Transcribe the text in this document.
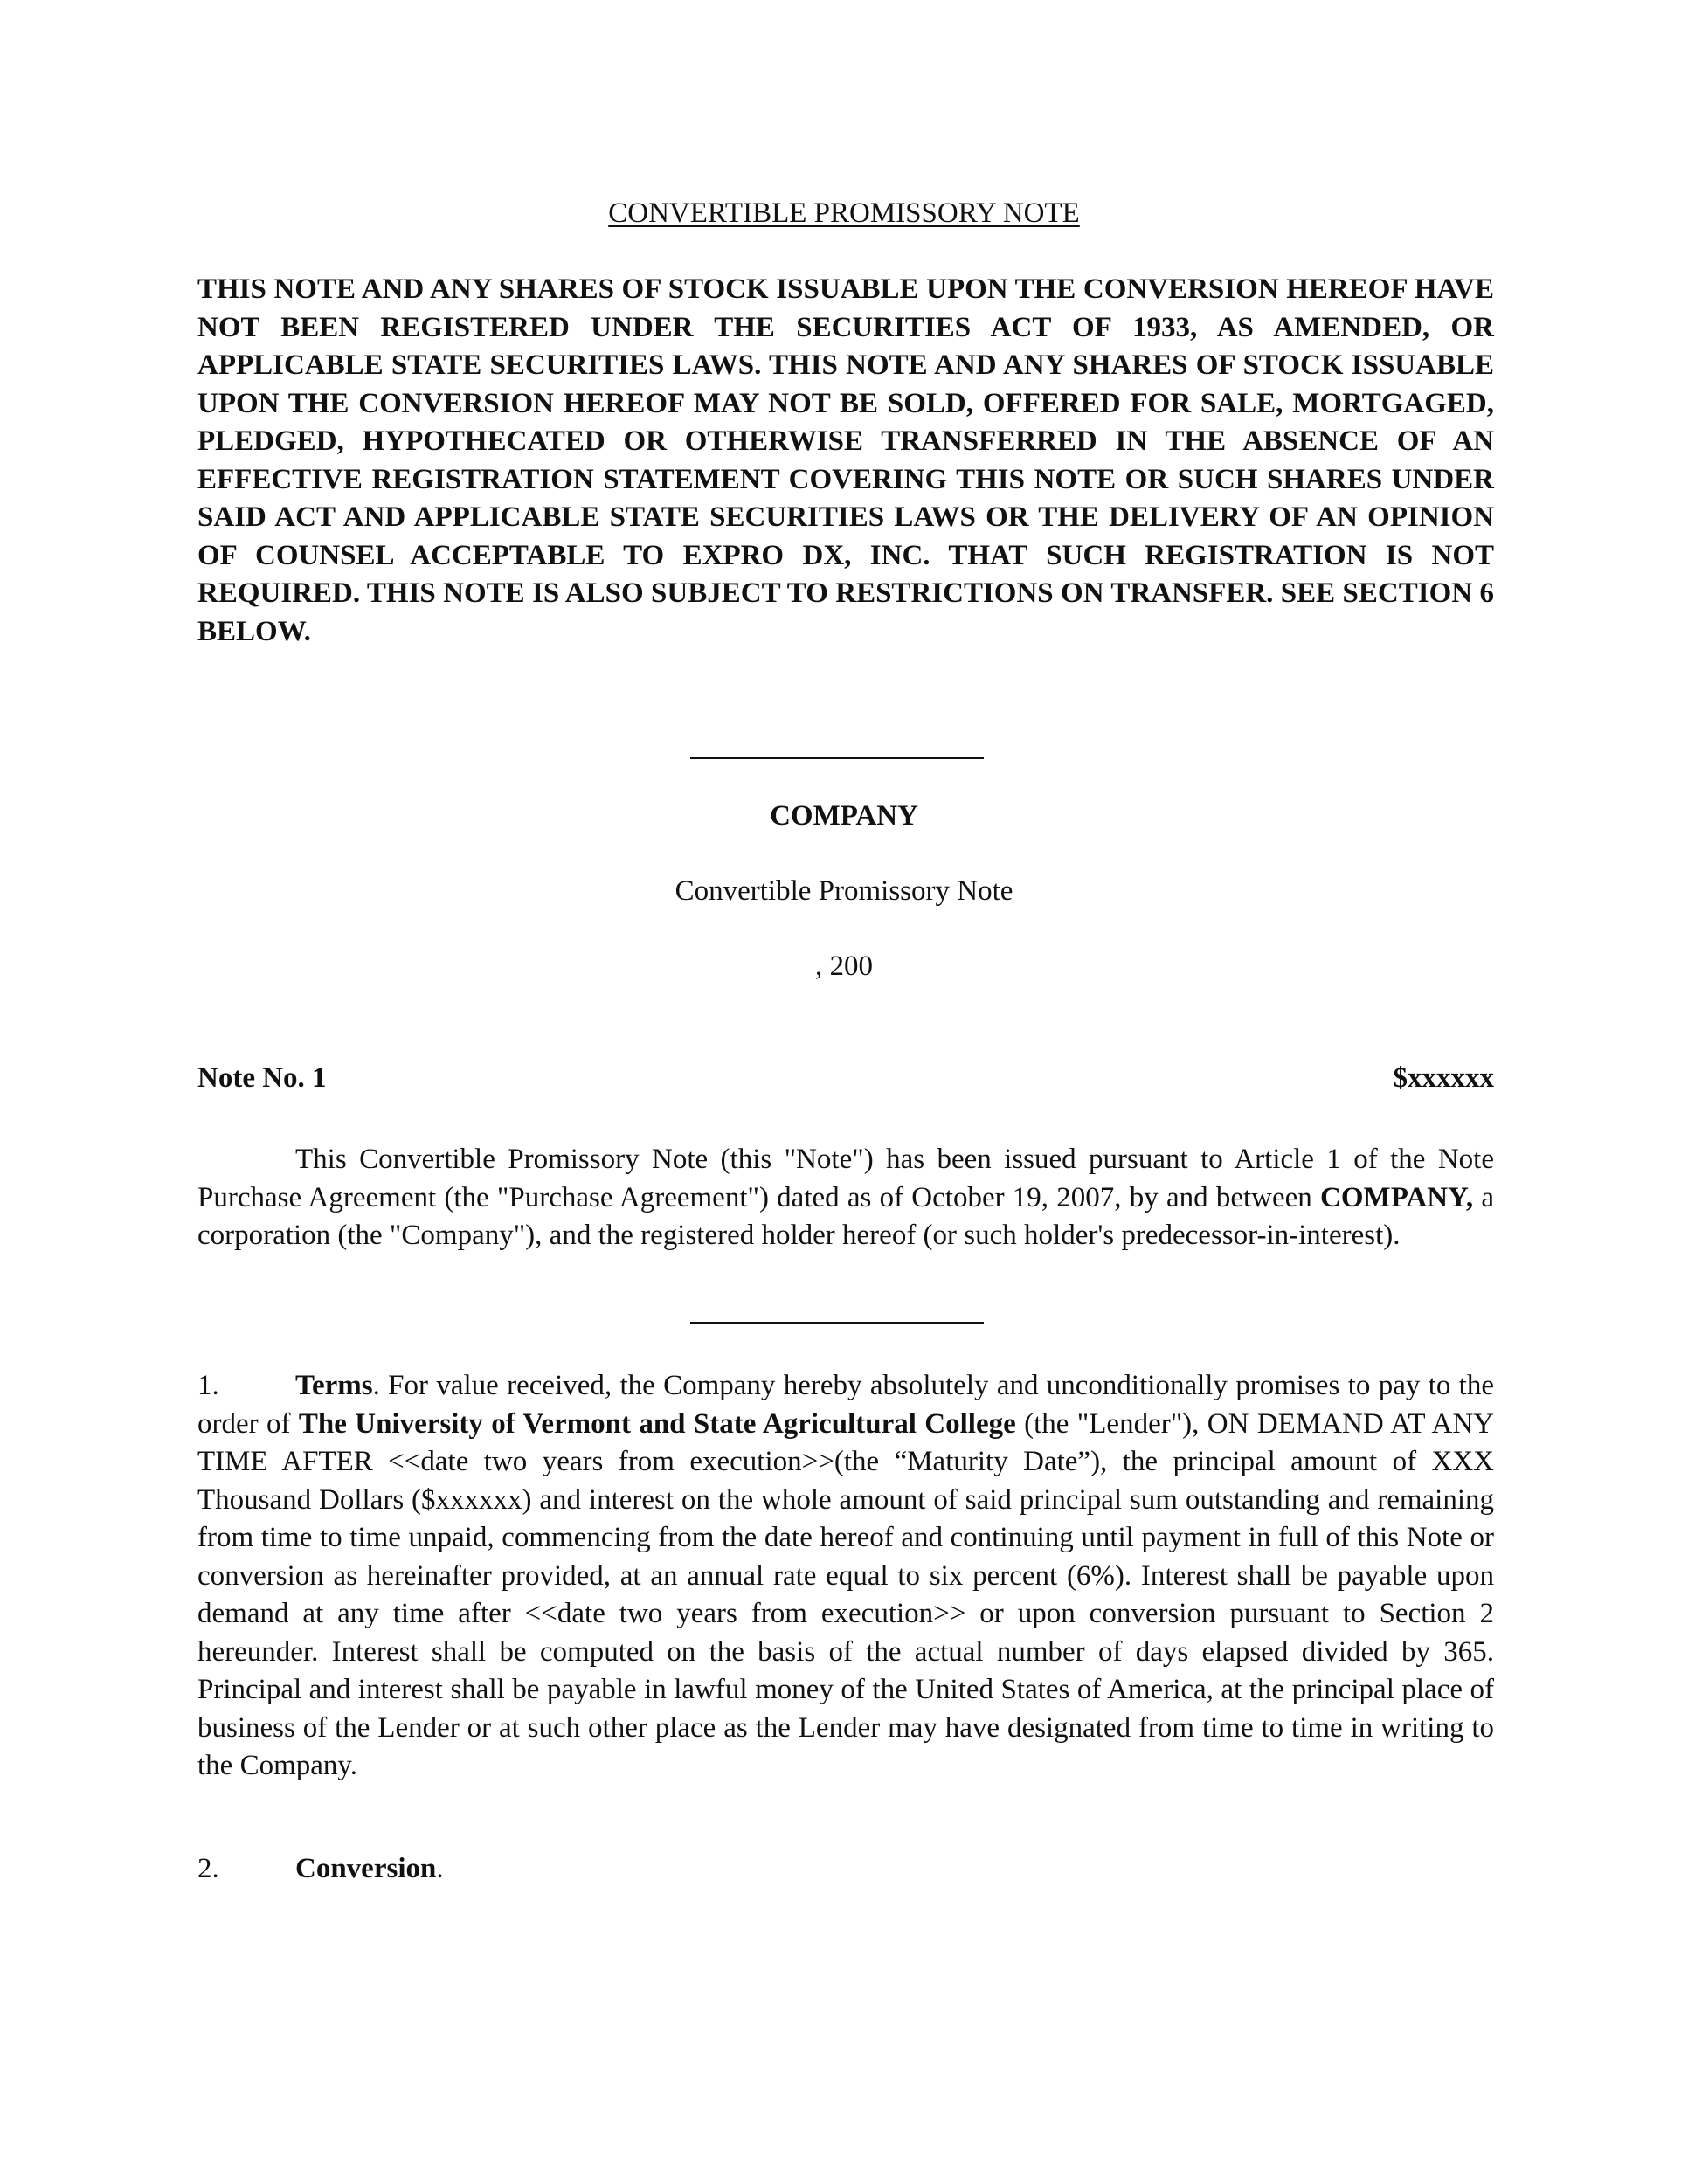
CONVERTIBLE PROMISSORY NOTE
THIS NOTE AND ANY SHARES OF STOCK ISSUABLE UPON THE CONVERSION HEREOF HAVE NOT BEEN REGISTERED UNDER THE SECURITIES ACT OF 1933, AS AMENDED, OR APPLICABLE STATE SECURITIES LAWS. THIS NOTE AND ANY SHARES OF STOCK ISSUABLE UPON THE CONVERSION HEREOF MAY NOT BE SOLD, OFFERED FOR SALE, MORTGAGED, PLEDGED, HYPOTHECATED OR OTHERWISE TRANSFERRED IN THE ABSENCE OF AN EFFECTIVE REGISTRATION STATEMENT COVERING THIS NOTE OR SUCH SHARES UNDER SAID ACT AND APPLICABLE STATE SECURITIES LAWS OR THE DELIVERY OF AN OPINION OF COUNSEL ACCEPTABLE TO EXPRO DX, INC. THAT SUCH REGISTRATION IS NOT REQUIRED. THIS NOTE IS ALSO SUBJECT TO RESTRICTIONS ON TRANSFER. SEE SECTION 6 BELOW.
COMPANY
Convertible Promissory Note
, 200
Note No. 1	$xxxxxx
This Convertible Promissory Note (this "Note") has been issued pursuant to Article 1 of the Note Purchase Agreement (the "Purchase Agreement") dated as of October 19, 2007, by and between COMPANY, a corporation (the "Company"), and the registered holder hereof (or such holder's predecessor-in-interest).
1.	Terms. For value received, the Company hereby absolutely and unconditionally promises to pay to the order of The University of Vermont and State Agricultural College (the "Lender"), ON DEMAND AT ANY TIME AFTER <<date two years from execution>>(the “Maturity Date”), the principal amount of XXX Thousand Dollars ($xxxxxx) and interest on the whole amount of said principal sum outstanding and remaining from time to time unpaid, commencing from the date hereof and continuing until payment in full of this Note or conversion as hereinafter provided, at an annual rate equal to six percent (6%). Interest shall be payable upon demand at any time after <<date two years from execution>> or upon conversion pursuant to Section 2 hereunder. Interest shall be computed on the basis of the actual number of days elapsed divided by 365. Principal and interest shall be payable in lawful money of the United States of America, at the principal place of business of the Lender or at such other place as the Lender may have designated from time to time in writing to the Company.
2.	Conversion.
